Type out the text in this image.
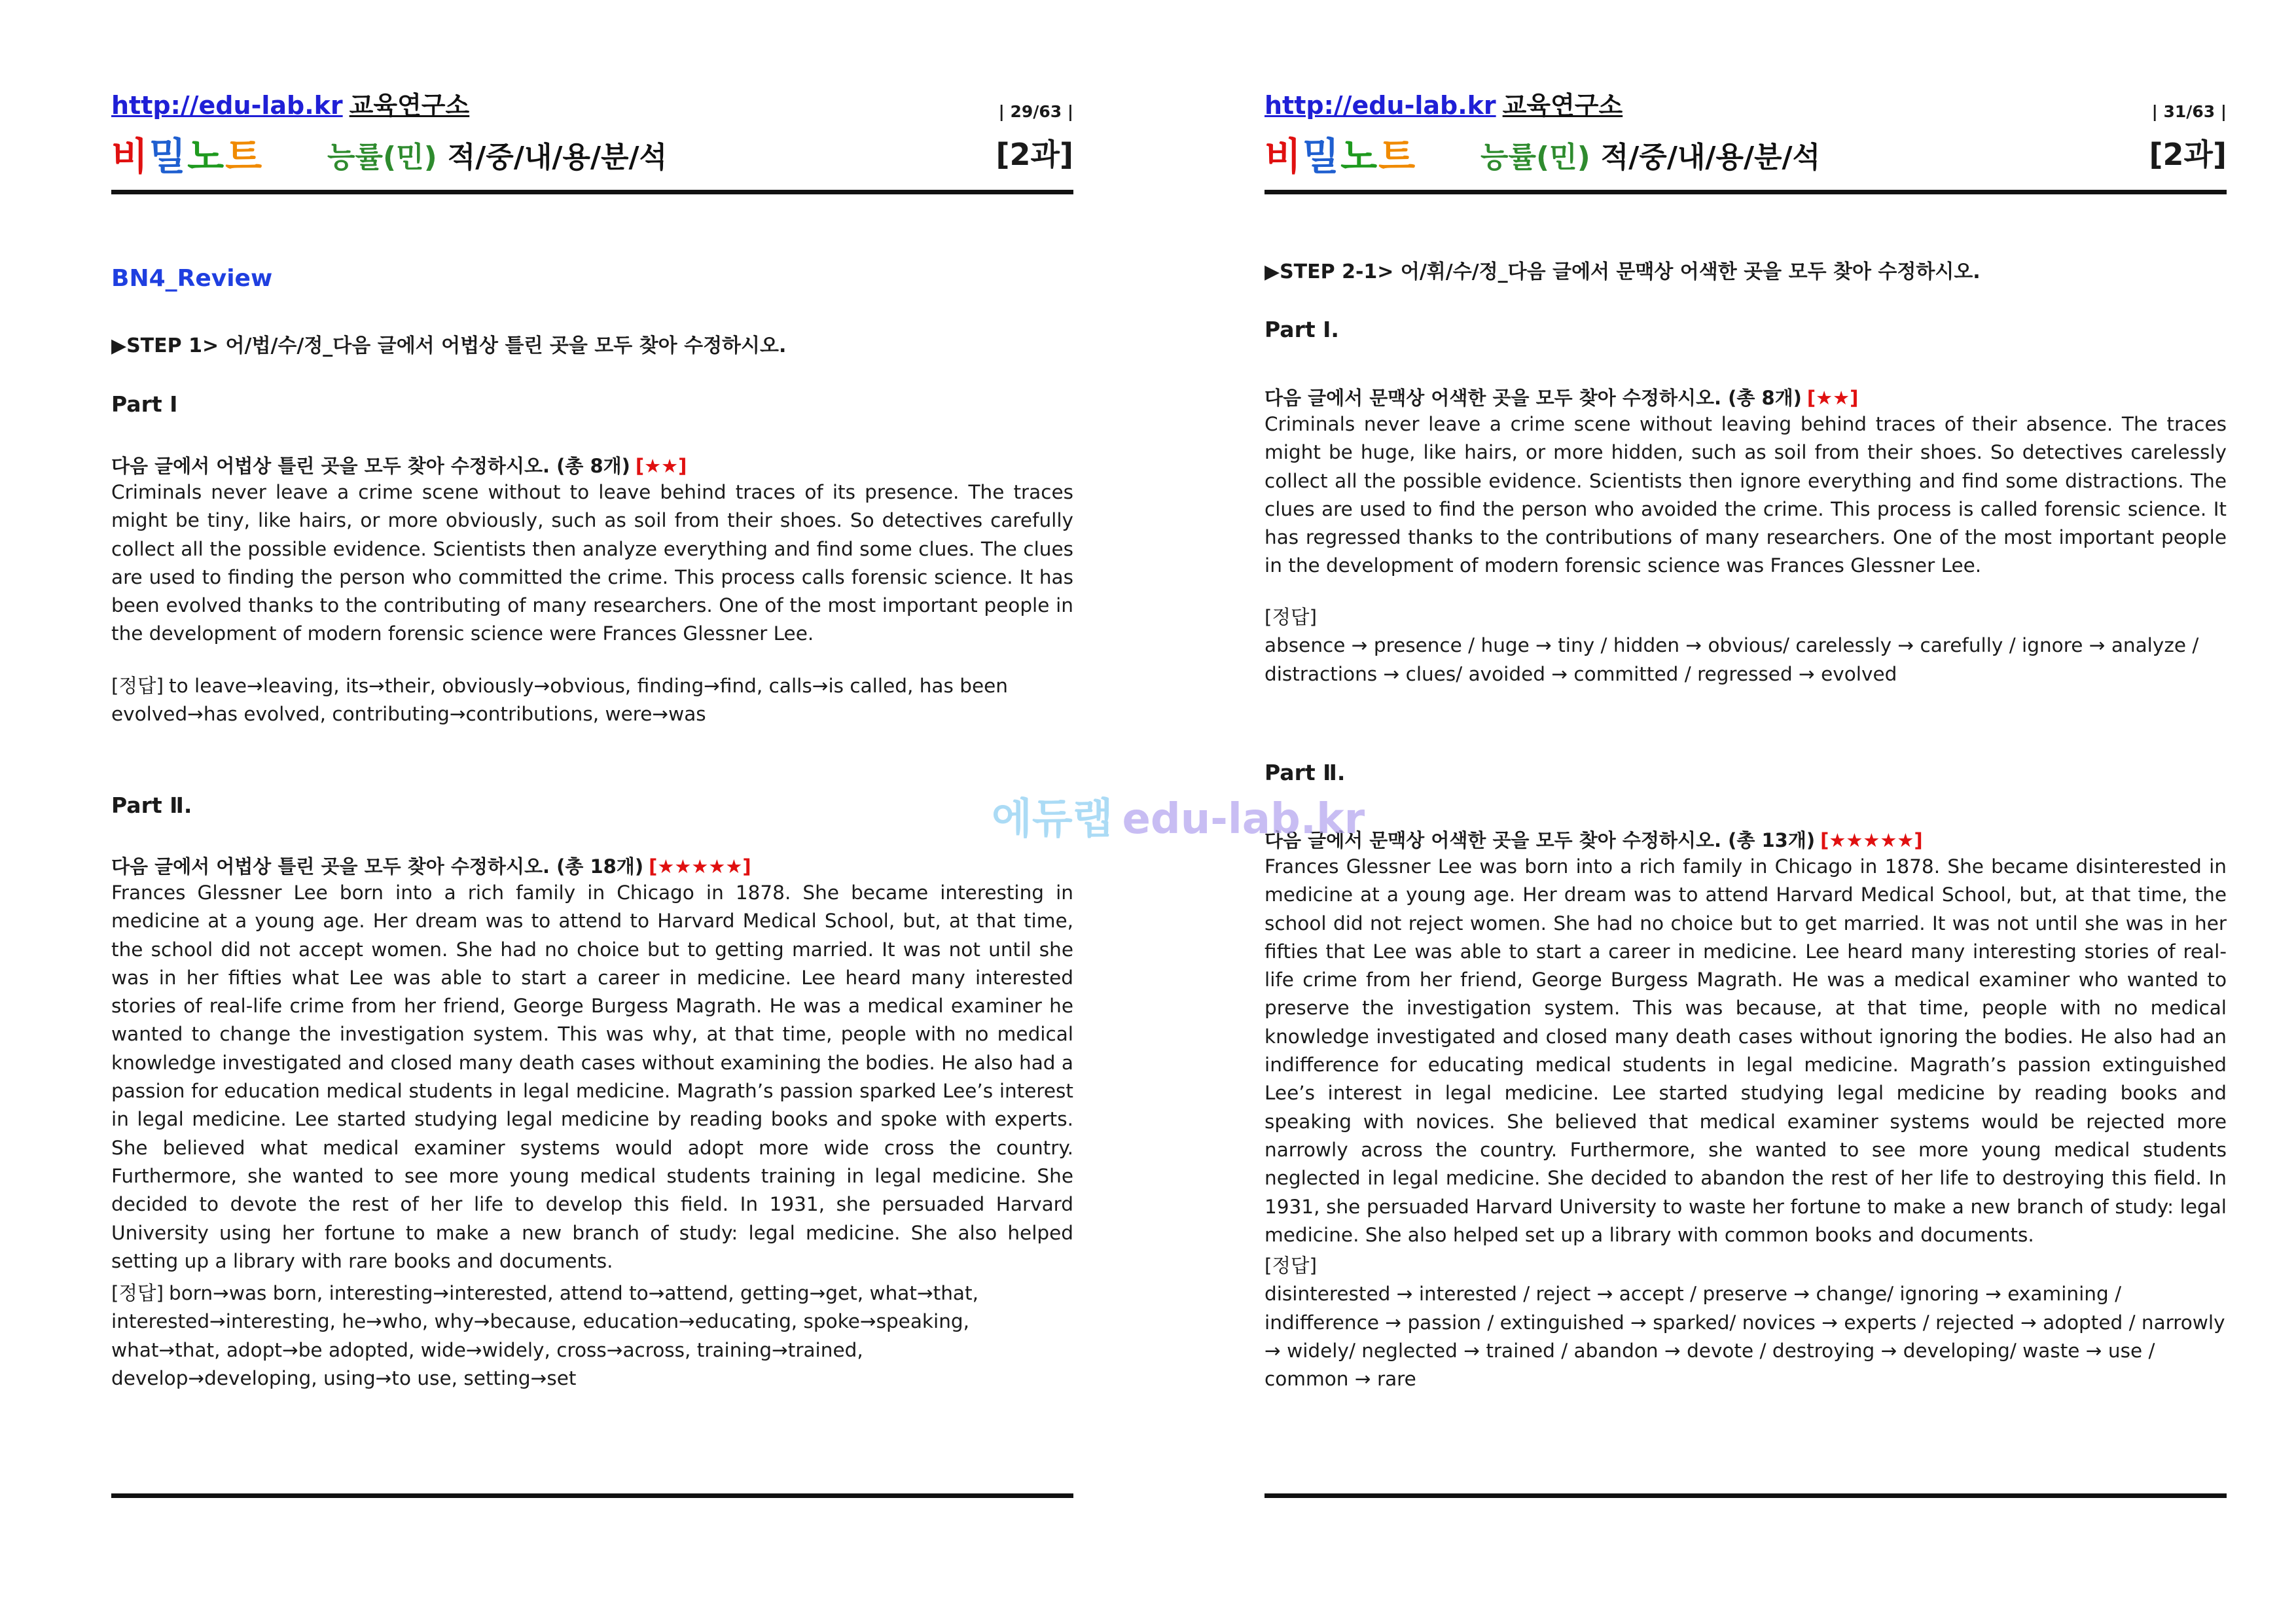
http://edu-lab.kr 교육연구소	| 29/63 |
비밀노트 능률(민) 적/중/내/용/분/석	[2과]
BN4_Review
▶STEP 1> 어/법/수/정_다음 글에서 어법상 틀린 곳을 모두 찾아 수정하시오.
Part Ⅰ
다음 글에서 어법상 틀린 곳을 모두 찾아 수정하시오. (총 8개) [★★]
Criminals never leave a crime scene without to leave behind traces of its presence. The traces might be tiny, like hairs, or more obviously, such as soil from their shoes. So detectives carefully collect all the possible evidence. Scientists then analyze everything and find some clues. The clues are used to finding the person who committed the crime. This process calls forensic science. It has been evolved thanks to the contributing of many researchers. One of the most important people in the development of modern forensic science were Frances Glessner Lee.
[정답] to leave→leaving, its→their, obviously→obvious, finding→find, calls→is called, has been evolved→has evolved, contributing→contributions, were→was
Part Ⅱ.
다음 글에서 어법상 틀린 곳을 모두 찾아 수정하시오. (총 18개) [★★★★★]
Frances Glessner Lee born into a rich family in Chicago in 1878. She became interesting in medicine at a young age. Her dream was to attend to Harvard Medical School, but, at that time, the school did not accept women. She had no choice but to getting married. It was not until she was in her fifties what Lee was able to start a career in medicine. Lee heard many interested stories of real-life crime from her friend, George Burgess Magrath. He was a medical examiner he wanted to change the investigation system. This was why, at that time, people with no medical knowledge investigated and closed many death cases without examining the bodies. He also had a passion for education medical students in legal medicine. Magrath’s passion sparked Lee’s interest in legal medicine. Lee started studying legal medicine by reading books and spoke with experts. She believed what medical examiner systems would adopt more wide cross the country. Furthermore, she wanted to see more young medical students training in legal medicine. She decided to devote the rest of her life to develop this field. In 1931, she persuaded Harvard University using her fortune to make a new branch of study: legal medicine. She also helped setting up a library with rare books and documents.
[정답] born→was born, interesting→interested, attend to→attend, getting→get, what→that, interested→interesting, he→who, why→because, education→educating, spoke→speaking, what→that, adopt→be adopted, wide→widely, cross→across, training→trained, develop→developing, using→to use, setting→set
http://edu-lab.kr 교육연구소	| 31/63 |
비밀노트 능률(민) 적/중/내/용/분/석	[2과]
▶STEP 2-1> 어/휘/수/정_다음 글에서 문맥상 어색한 곳을 모두 찾아 수정하시오.
Part Ⅰ.
다음 글에서 문맥상 어색한 곳을 모두 찾아 수정하시오. (총 8개) [★★]
Criminals never leave a crime scene without leaving behind traces of their absence. The traces might be huge, like hairs, or more hidden, such as soil from their shoes. So detectives carelessly collect all the possible evidence. Scientists then ignore everything and find some distractions. The clues are used to find the person who avoided the crime. This process is called forensic science. It has regressed thanks to the contributions of many researchers. One of the most important people in the development of modern forensic science was Frances Glessner Lee.
[정답]
absence → presence / huge → tiny / hidden → obvious/ carelessly → carefully / ignore → analyze / distractions → clues/ avoided → committed / regressed → evolved
Part Ⅱ.
다음 글에서 문맥상 어색한 곳을 모두 찾아 수정하시오. (총 13개) [★★★★★]
Frances Glessner Lee was born into a rich family in Chicago in 1878. She became disinterested in medicine at a young age. Her dream was to attend Harvard Medical School, but, at that time, the school did not reject women. She had no choice but to get married. It was not until she was in her fifties that Lee was able to start a career in medicine. Lee heard many interesting stories of real-life crime from her friend, George Burgess Magrath. He was a medical examiner who wanted to preserve the investigation system. This was because, at that time, people with no medical knowledge investigated and closed many death cases without ignoring the bodies. He also had an indifference for educating medical students in legal medicine. Magrath’s passion extinguished Lee’s interest in legal medicine. Lee started studying legal medicine by reading books and speaking with novices. She believed that medical examiner systems would be rejected more narrowly across the country. Furthermore, she wanted to see more young medical students neglected in legal medicine. She decided to abandon the rest of her life to destroying this field. In 1931, she persuaded Harvard University to waste her fortune to make a new branch of study: legal medicine. She also helped set up a library with common books and documents.
[정답]
disinterested → interested / reject → accept / preserve → change/ ignoring → examining / indifference → passion / extinguished → sparked/ novices → experts / rejected → adopted / narrowly → widely/ neglected → trained / abandon → devote / destroying → developing/ waste → use / common → rare
에듀랩 edu-lab.kr
